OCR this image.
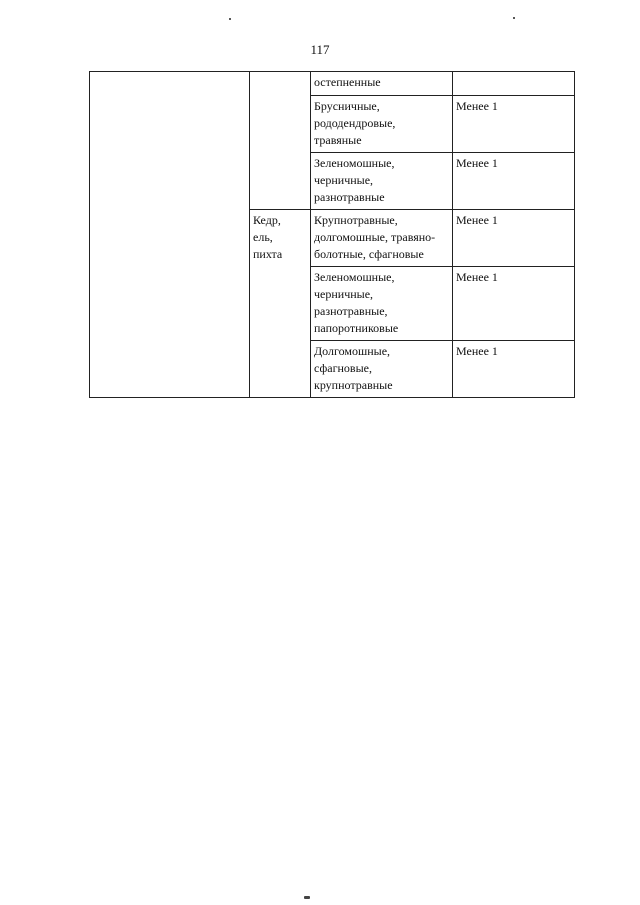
117

		остепненные	

		Брусничные,
рододендровые,
травяные	Менее 1

		Зеленомошные,
черничные,
разнотравные	Менее 1

	Кедр,
ель,
пихта	Крупнотравные,
долгомошные, травяно-
болотные, сфагновые	Менее 1

		Зеленомошные,
черничные,
разнотравные,
папоротниковые	Менее 1

		Долгомошные,
сфагновые,
крупнотравные	Менее 1
